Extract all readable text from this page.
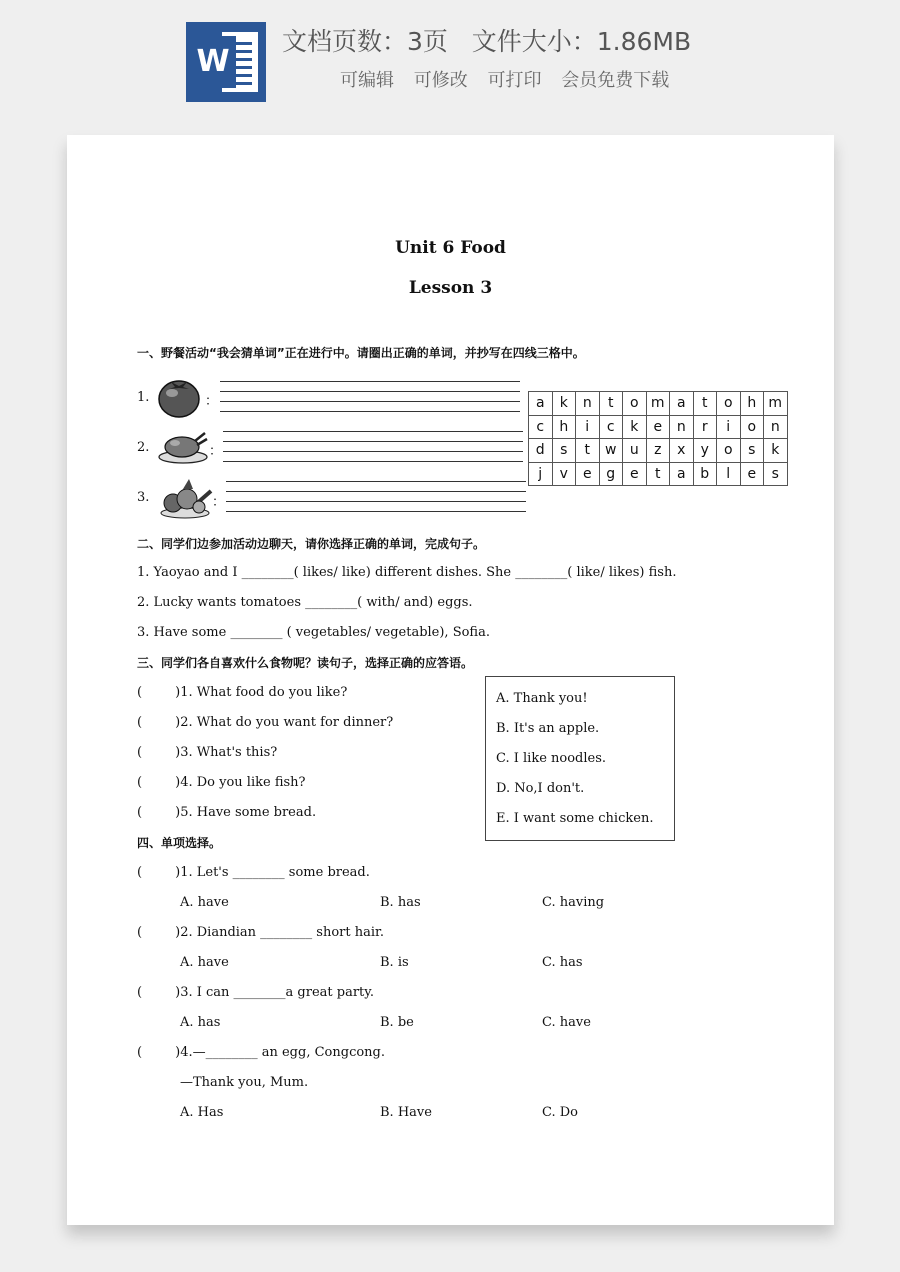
W
文档页数：3页   文件大小：1.86MB
可编辑 可修改 可打印 会员免费下载
Unit 6 Food
Lesson 3
一、野餐活动“我会猜单词”正在进行中。请圈出正确的单词，并抄写在四线三格中。
1.	：
2.	：
3.	：
a	k	n	t	o	m	a	t	o	h	m
c	h	i	c	k	e	n	r	i	o	n
d	s	t	w	u	z	x	y	o	s	k
j	v	e	g	e	t	a	b	l	e	s
二、同学们边参加活动边聊天，请你选择正确的单词，完成句子。
1. Yaoyao and I ________( likes/ like) different dishes. She ________( like/ likes) fish.
2. Lucky wants tomatoes ________( with/ and) eggs.
3. Have some ________ ( vegetables/ vegetable), Sofia.
三、同学们各自喜欢什么食物呢？读句子，选择正确的应答语。
(        )1. What food do you like?
(        )2. What do you want for dinner?
(        )3. What's this?
(        )4. Do you like fish?
(        )5. Have some bread.
A. Thank you!
B. It's an apple.
C. I like noodles.
D. No,I don't.
E. I want some chicken.
四、单项选择。
(        )1. Let's ________ some bread.
A. have	B. has	C. having
(        )2. Diandian ________ short hair.
A. have	B. is	C. has
(        )3. I can ________a great party.
A. has	B. be	C. have
(        )4.—________ an egg, Congcong.
—Thank you, Mum.
A. Has	B. Have	C. Do
